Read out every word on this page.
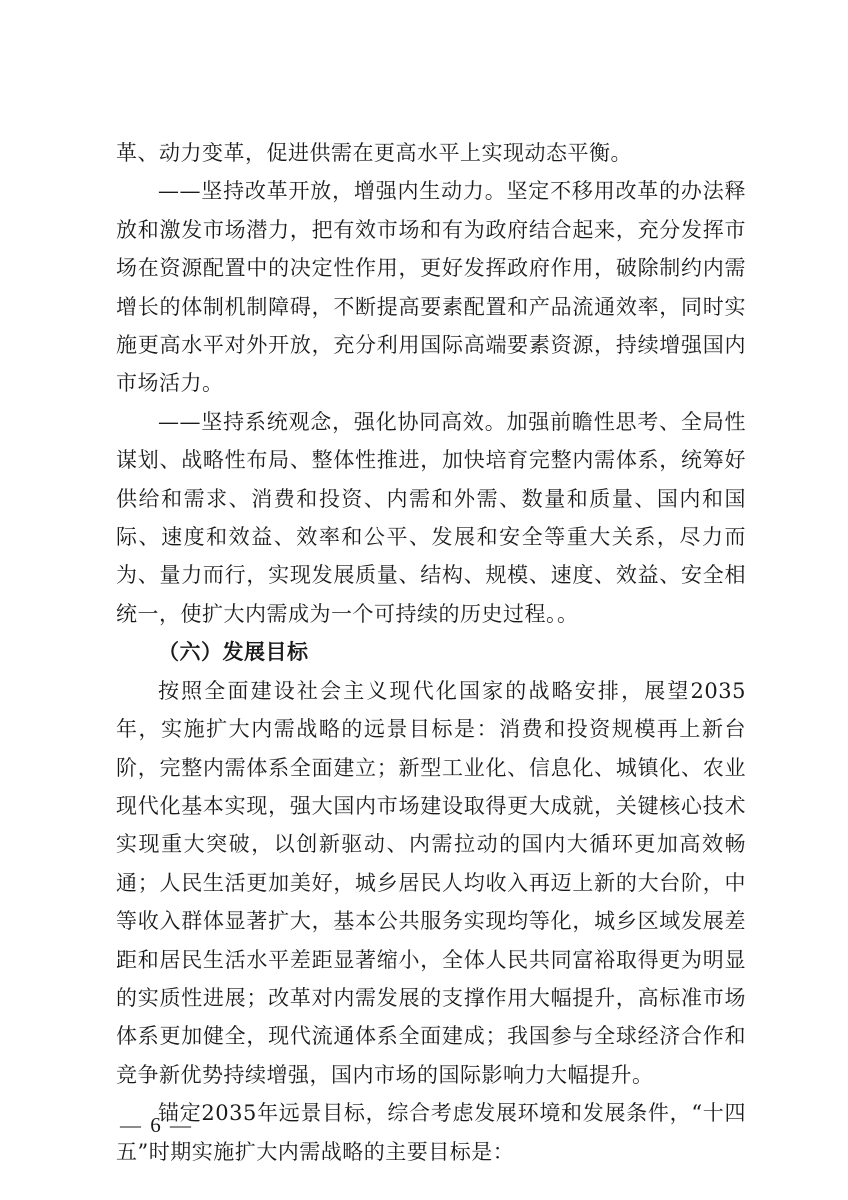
革、动力变革，促进供需在更高水平上实现动态平衡。

——坚持改革开放，增强内生动力。坚定不移用改革的办法释放和激发市场潜力，把有效市场和有为政府结合起来，充分发挥市场在资源配置中的决定性作用，更好发挥政府作用，破除制约内需增长的体制机制障碍，不断提高要素配置和产品流通效率，同时实施更高水平对外开放，充分利用国际高端要素资源，持续增强国内市场活力。

——坚持系统观念，强化协同高效。加强前瞻性思考、全局性谋划、战略性布局、整体性推进，加快培育完整内需体系，统筹好供给和需求、消费和投资、内需和外需、数量和质量、国内和国际、速度和效益、效率和公平、发展和安全等重大关系，尽力而为、量力而行，实现发展质量、结构、规模、速度、效益、安全相统一，使扩大内需成为一个可持续的历史过程。。

（六）发展目标

按照全面建设社会主义现代化国家的战略安排，展望2035年，实施扩大内需战略的远景目标是：消费和投资规模再上新台阶，完整内需体系全面建立；新型工业化、信息化、城镇化、农业现代化基本实现，强大国内市场建设取得更大成就，关键核心技术实现重大突破，以创新驱动、内需拉动的国内大循环更加高效畅通；人民生活更加美好，城乡居民人均收入再迈上新的大台阶，中等收入群体显著扩大，基本公共服务实现均等化，城乡区域发展差距和居民生活水平差距显著缩小，全体人民共同富裕取得更为明显的实质性进展；改革对内需发展的支撑作用大幅提升，高标准市场体系更加健全，现代流通体系全面建成；我国参与全球经济合作和竞争新优势持续增强，国内市场的国际影响力大幅提升。

锚定2035年远景目标，综合考虑发展环境和发展条件，“十四五”时期实施扩大内需战略的主要目标是：

— 6 —
